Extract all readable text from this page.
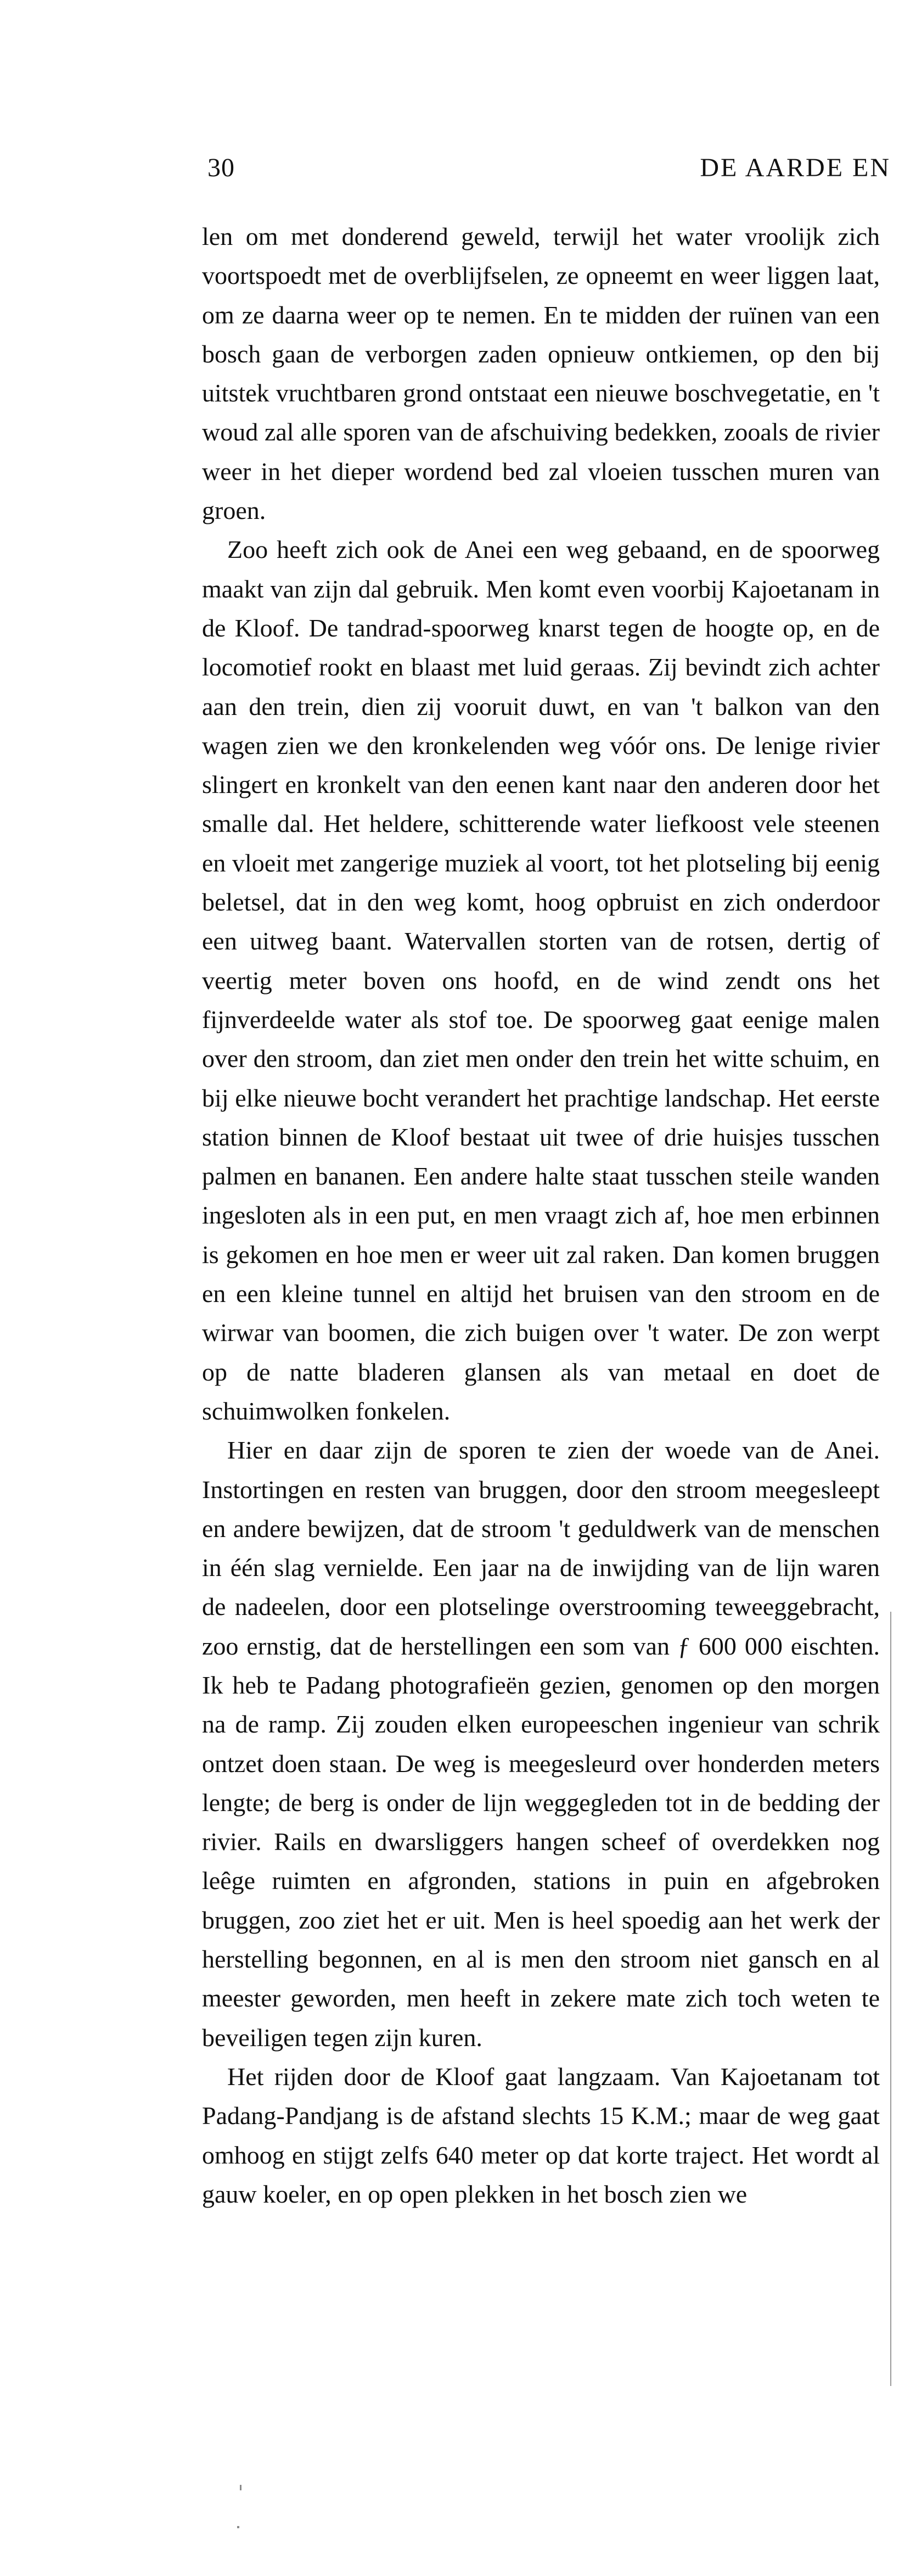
30	DE AARDE EN

len om met donderend geweld, terwijl het water vroolijk zich voortspoedt met de overblijfselen, ze opneemt en weer liggen laat, om ze daarna weer op te nemen. En te midden der ruïnen van een bosch gaan de verborgen zaden opnieuw ontkiemen, op den bij uitstek vruchtbaren grond ontstaat een nieuwe boschvegetatie, en 't woud zal alle sporen van de afschuiving bedekken, zooals de rivier weer in het dieper wordend bed zal vloeien tusschen muren van groen.

Zoo heeft zich ook de Anei een weg gebaand, en de spoorweg maakt van zijn dal gebruik. Men komt even voorbij Kajoetanam in de Kloof. De tandrad-spoorweg knarst tegen de hoogte op, en de locomotief rookt en blaast met luid geraas. Zij bevindt zich achter aan den trein, dien zij vooruit duwt, en van 't balkon van den wagen zien we den kronkelenden weg vóór ons. De lenige rivier slingert en kronkelt van den eenen kant naar den anderen door het smalle dal. Het heldere, schitterende water liefkoost vele steenen en vloeit met zangerige muziek al voort, tot het plotseling bij eenig beletsel, dat in den weg komt, hoog opbruist en zich onderdoor een uitweg baant. Watervallen storten van de rotsen, dertig of veertig meter boven ons hoofd, en de wind zendt ons het fijnverdeelde water als stof toe. De spoorweg gaat eenige malen over den stroom, dan ziet men onder den trein het witte schuim, en bij elke nieuwe bocht verandert het prachtige landschap. Het eerste station binnen de Kloof bestaat uit twee of drie huisjes tusschen palmen en bananen. Een andere halte staat tusschen steile wanden ingesloten als in een put, en men vraagt zich af, hoe men erbinnen is gekomen en hoe men er weer uit zal raken. Dan komen bruggen en een kleine tunnel en altijd het bruisen van den stroom en de wirwar van boomen, die zich buigen over 't water. De zon werpt op de natte bladeren glansen als van metaal en doet de schuimwolken fonkelen.

Hier en daar zijn de sporen te zien der woede van de Anei. Instortingen en resten van bruggen, door den stroom meegesleept en andere bewijzen, dat de stroom 't geduldwerk van de menschen in één slag vernielde. Een jaar na de inwijding van de lijn waren de nadeelen, door een plotselinge overstrooming teweeggebracht, zoo ernstig, dat de herstellingen een som van ƒ 600 000 eischten. Ik heb te Padang photografieën gezien, genomen op den morgen na de ramp. Zij zouden elken europeeschen ingenieur van schrik ontzet doen staan. De weg is meegesleurd over honderden meters lengte; de berg is onder de lijn weggegleden tot in de bedding der rivier. Rails en dwarsliggers hangen scheef of overdekken nog leêge ruimten en afgronden, stations in puin en afgebroken bruggen, zoo ziet het er uit. Men is heel spoedig aan het werk der herstelling begonnen, en al is men den stroom niet gansch en al meester geworden, men heeft in zekere mate zich toch weten te beveiligen tegen zijn kuren.

Het rijden door de Kloof gaat langzaam. Van Kajoetanam tot Padang-Pandjang is de afstand slechts 15 K.M.; maar de weg gaat omhoog en stijgt zelfs 640 meter op dat korte traject. Het wordt al gauw koeler, en op open plekken in het bosch zien we
